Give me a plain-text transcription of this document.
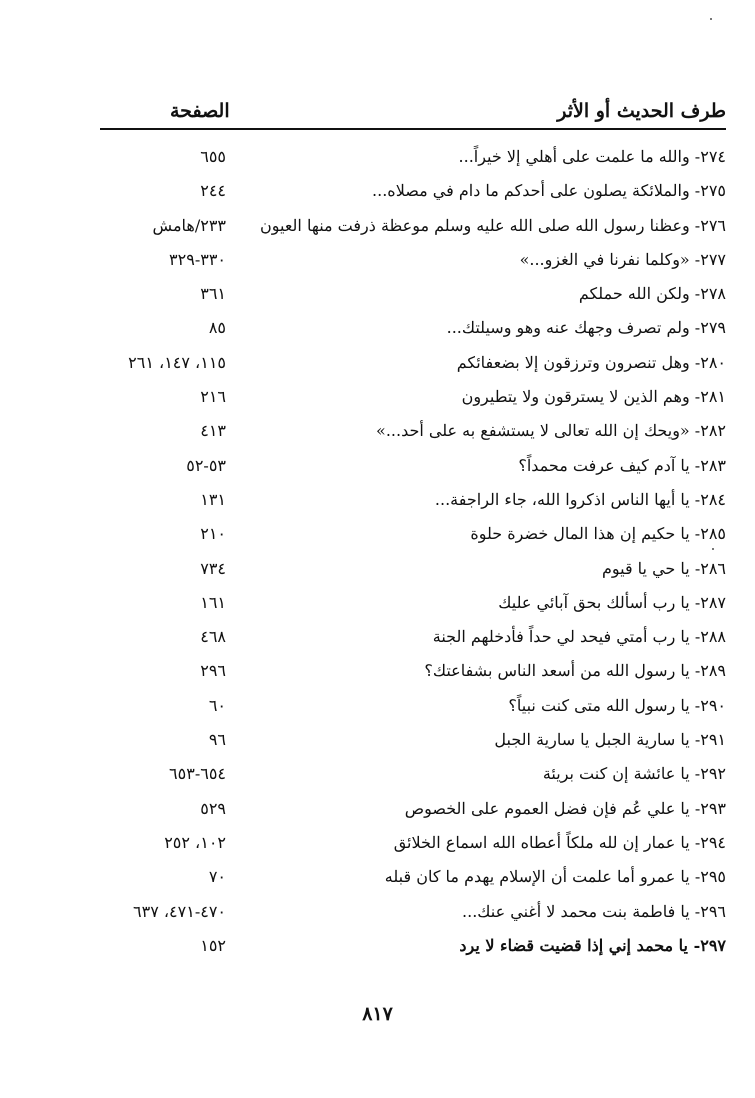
طرف الحديث أو الأثر
الصفحة
٢٧٤- والله ما علمت على أهلي إلا خيراً...
٦٥٥
٢٧٥- والملائكة يصلون على أحدكم ما دام في مصلاه...
٢٤٤
٢٧٦- وعظنا رسول الله صلى الله عليه وسلم موعظة ذرفت منها العيون
٢٣٣/هامش
٢٧٧- «وكلما نفرنا في الغزو...»
٣٣٠-٣٢٩
٢٧٨- ولكن الله حملكم
٣٦١
٢٧٩- ولم تصرف وجهك عنه وهو وسيلتك...
٨٥
٢٨٠- وهل تنصرون وترزقون إلا بضعفائكم
١١٥، ١٤٧، ٢٦١
٢٨١- وهم الذين لا يسترقون ولا يتطيرون
٢١٦
٢٨٢- «ويحك إن الله تعالى لا يستشفع به على أحد...»
٤١٣
٢٨٣- يا آدم كيف عرفت محمداً؟
٥٣-٥٢
٢٨٤- يا أيها الناس اذكروا الله، جاء الراجفة...
١٣١
٢٨٥- يا حكيم إن هذا المال خضرة حلوة
٢١٠
٢٨٦- يا حي يا قيوم
٧٣٤
٢٨٧- يا رب أسألك بحق آبائي عليك
١٦١
٢٨٨- يا رب أمتي فيحد لي حداً فأدخلهم الجنة
٤٦٨
٢٨٩- يا رسول الله من أسعد الناس بشفاعتك؟
٢٩٦
٢٩٠- يا رسول الله متى كنت نبياً؟
٦٠
٢٩١- يا سارية الجبل يا سارية الجبل
٩٦
٢٩٢- يا عائشة إن كنت بريئة
٦٥٤-٦٥٣
٢٩٣- يا علي عُم فإن فضل العموم على الخصوص
٥٢٩
٢٩٤- يا عمار إن لله ملكاً أعطاه الله اسماع الخلائق
١٠٢، ٢٥٢
٢٩٥- يا عمرو أما علمت أن الإسلام يهدم ما كان قبله
٧٠
٢٩٦- يا فاطمة بنت محمد لا أغني عنك...
٤٧٠-٤٧١، ٦٣٧
٢٩٧- يا محمد إني إذا قضيت قضاء لا يرد
١٥٢
٨١٧
